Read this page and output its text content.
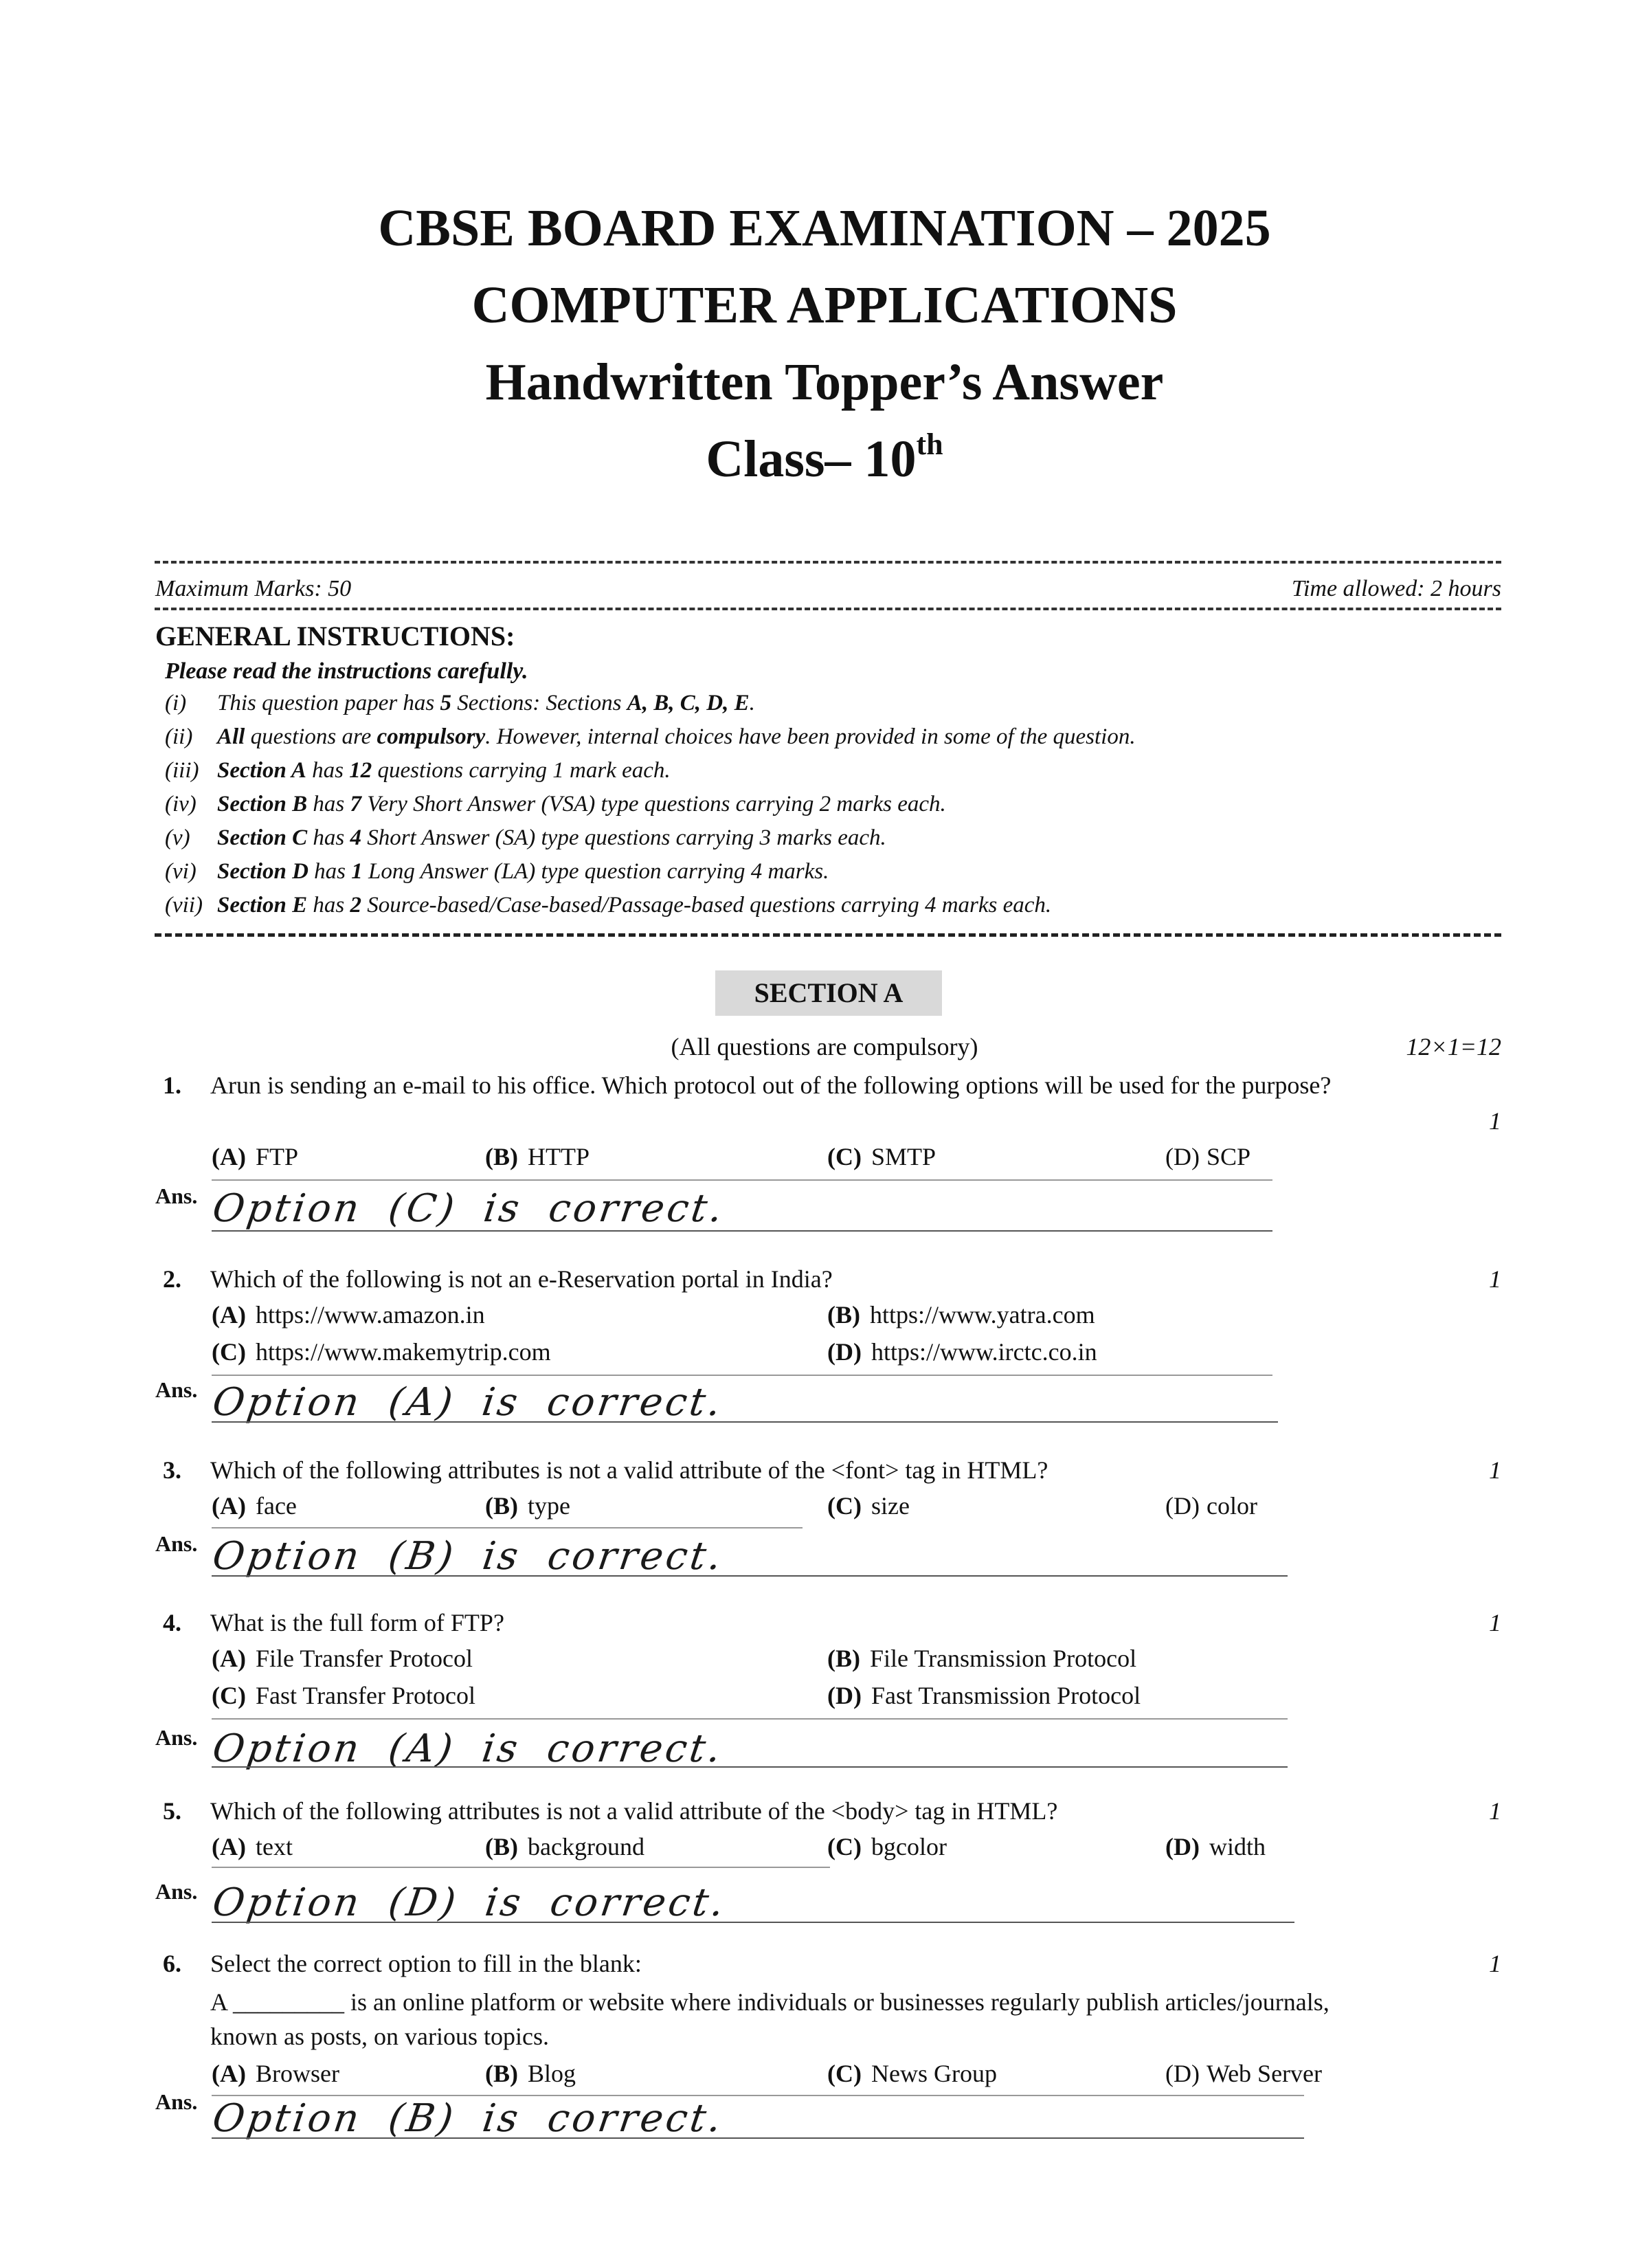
CBSE BOARD EXAMINATION – 2025
COMPUTER APPLICATIONS
Handwritten Topper’s Answer
Class– 10th
Maximum Marks: 50	Time allowed: 2 hours
GENERAL INSTRUCTIONS:
Please read the instructions carefully.
(i) This question paper has 5 Sections: Sections A, B, C, D, E.
(ii) All questions are compulsory. However, internal choices have been provided in some of the question.
(iii) Section A has 12 questions carrying 1 mark each.
(iv) Section B has 7 Very Short Answer (VSA) type questions carrying 2 marks each.
(v) Section C has 4 Short Answer (SA) type questions carrying 3 marks each.
(vi) Section D has 1 Long Answer (LA) type question carrying 4 marks.
(vii) Section E has 2 Source-based/Case-based/Passage-based questions carrying 4 marks each.
SECTION A
(All questions are compulsory)	12×1=12
1. Arun is sending an e-mail to his office. Which protocol out of the following options will be used for the purpose?
1
(A) FTP	(B) HTTP	(C) SMTP	(D) SCP
Ans. Option (C) is correct.
2. Which of the following is not an e-Reservation portal in India?	1
(A) https://www.amazon.in	(B) https://www.yatra.com
(C) https://www.makemytrip.com	(D) https://www.irctc.co.in
Ans. Option (A) is correct.
3. Which of the following attributes is not a valid attribute of the <font> tag in HTML?	1
(A) face	(B) type	(C) size	(D) color
Ans. Option (B) is correct.
4. What is the full form of FTP?	1
(A) File Transfer Protocol	(B) File Transmission Protocol
(C) Fast Transfer Protocol	(D) Fast Transmission Protocol
Ans. Option (A) is correct.
5. Which of the following attributes is not a valid attribute of the <body> tag in HTML?	1
(A) text	(B) background	(C) bgcolor	(D) width
Ans. Option (D) is correct.
6. Select the correct option to fill in the blank:	1
A _________ is an online platform or website where individuals or businesses regularly publish articles/journals,
known as posts, on various topics.
(A) Browser	(B) Blog	(C) News Group	(D) Web Server
Ans. Option (B) is correct.
